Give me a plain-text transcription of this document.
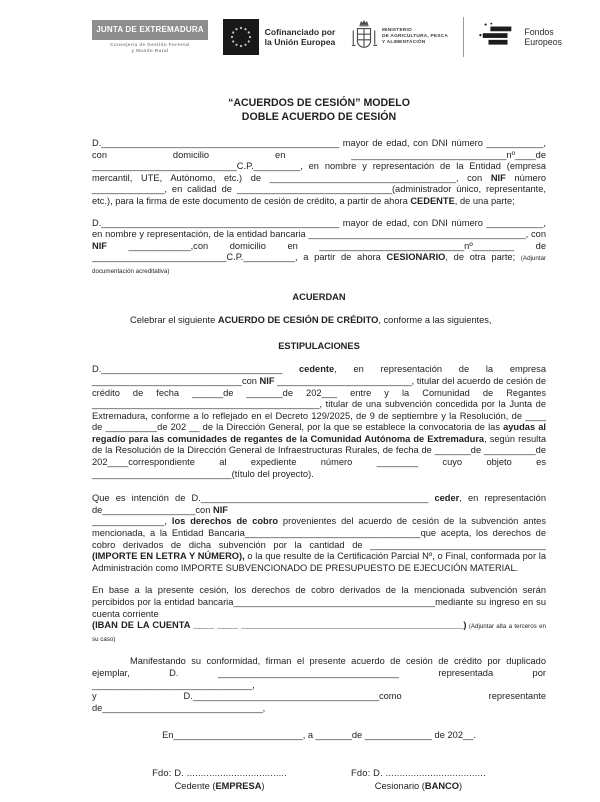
JUNTA DE EXTREMADURA
Consejería de Gestión Forestal
y Mundo Rural
Cofinanciado por
la Unión Europea
MINISTERIO
DE AGRICULTURA, PESCA
Y ALIMENTACIÓN
Fondos
Europeos
“ACUERDOS DE CESIÓN” MODELO
DOBLE ACUERDO DE CESIÓN

D.______________________________________________ mayor de edad, con DNI número ___________, con domicilio en ______________________________nº____de ____________________________C.P._________, en nombre y representación de la Entidad (empresa mercantil, UTE, Autónomo, etc.) de ____________________________________, con NIF número ______________, en calidad de ______________________________(administrador único, representante, etc.), para la firma de este documento de cesión de crédito, a partir de ahora CEDENTE, de una parte;

D.______________________________________________ mayor de edad, con DNI número ___________, en nombre y representación, de la entidad bancaria __________________________________________, con NIF ____________,con domicilio en ____________________________nº________ de __________________________C.P.__________, a partir de ahora CESIONARIO, de otra parte; (Adjuntar documentación acreditativa)

ACUERDAN

Celebrar el siguiente ACUERDO DE CESIÓN DE CRÉDITO, conforme a las siguientes,

ESTIPULACIONES

D.___________________________________ cedente, en representación de la empresa _____________________________con NIF __________________________, titular del acuerdo de cesión de crédito de fecha ______de _______de 202___ entre y la Comunidad de Regantes ____________________________________________, titular de una subvención concedida por la Junta de Extremadura, conforme a lo reflejado en el Decreto 129/2025, de 9 de septiembre y la Resolución, de ____ de __________de 202 __ de la Dirección General, por la que se establece la convocatoria de las ayudas al regadío para las comunidades de regantes de la Comunidad Autónoma de Extremadura, según resulta de la Resolución de la Dirección General de Infraestructuras Rurales, de fecha de _______de __________de 202____correspondiente al expediente número ________ cuyo objeto es ___________________________(título del proyecto).

Que es intención de D.____________________________________________ ceder, en representación de__________________con NIF
______________, los derechos de cobro provenientes del acuerdo de cesión de la subvención antes mencionada, a la Entidad Bancaria__________________________________que acepta, los derechos de cobro derivados de dicha subvención por la cantidad de __________________________________ (IMPORTE EN LETRA Y NÚMERO), o la que resulte de la Certificación Parcial Nº, o Final, conformada por la Administración como IMPORTE SUBVENCIONADO DE PRESUPUESTO DE EJECUCIÓN MATERIAL.

En base a la presente cesión, los derechos de cobro derivados de la mencionada subvención serán percibidos por la entidad bancaria_______________________________________mediante su ingreso en su cuenta corriente
(IBAN DE LA CUENTA ____ ____ ___________________________________________) (Adjuntar alta a terceros en su caso)

Manifestando su conformidad, firman el presente acuerdo de cesión de crédito por duplicado ejemplar, D. ___________________________________ representada por _______________________________,
y D.____________________________________como representante de_______________________________,

En_________________________, a _______de _____________ de 202__.

Fdo: D. ....................................
Cedente (EMPRESA)
Fdo: D. ....................................
Cesionario (BANCO)
